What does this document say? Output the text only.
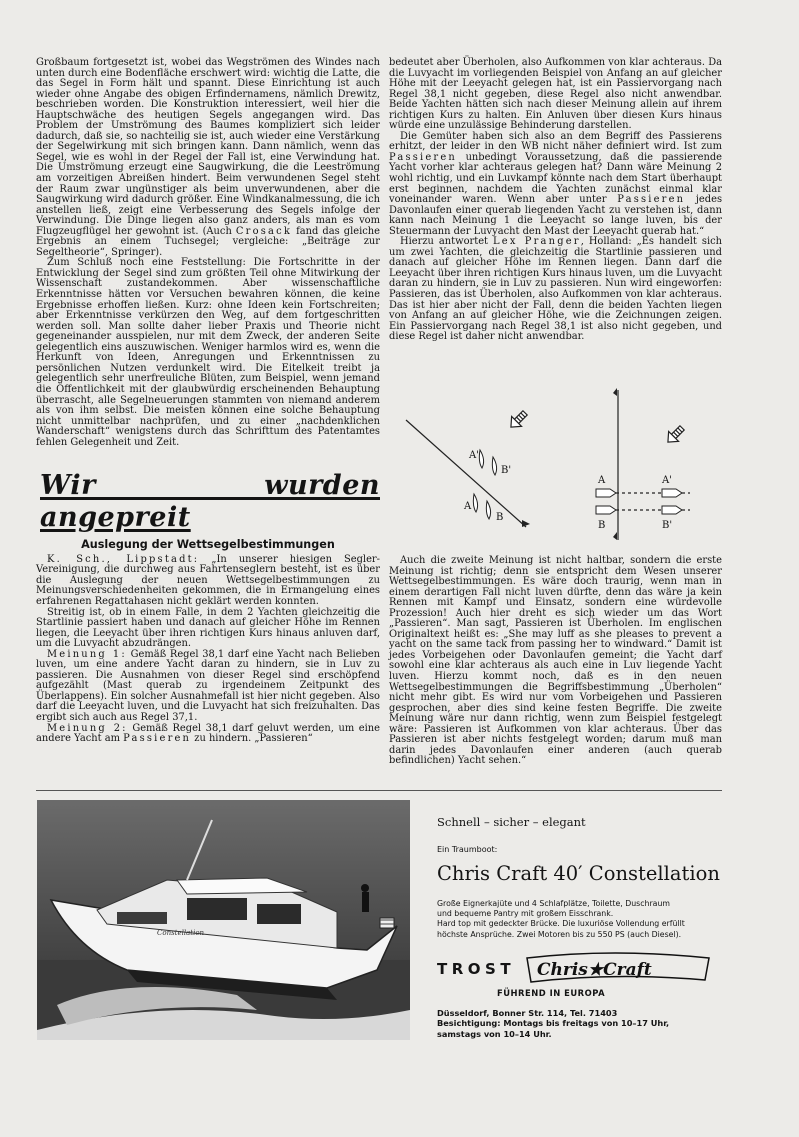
Großbaum fortgesetzt ist, wobei das Wegströmen des Windes nach unten durch eine Bodenfläche erschwert wird: wichtig die Latte, die das Segel in Form hält und spannt. Diese Einrichtung ist auch wieder ohne Angabe des obigen Erfindernamens, nämlich Drewitz, beschrieben worden. Die Konstruktion interessiert, weil hier die Hauptschwäche des heutigen Segels angegangen wird. Das Problem der Umströmung des Baumes kompliziert sich leider dadurch, daß sie, so nachteilig sie ist, auch wieder eine Verstärkung der Segelwirkung mit sich bringen kann. Dann nämlich, wenn das Segel, wie es wohl in der Regel der Fall ist, eine Verwindung hat. Die Umströmung erzeugt eine Saugwirkung, die die Leeströmung am vorzeitigen Abreißen hindert. Beim verwundenen Segel steht der Raum zwar ungünstiger als beim unverwundenen, aber die Saugwirkung wird dadurch größer. Eine Windkanalmessung, die ich anstellen ließ, zeigt eine Verbesserung des Segels infolge der Verwindung. Die Dinge liegen also ganz anders, als man es vom Flugzeugflügel her gewohnt ist. (Auch Crosack fand das gleiche Ergebnis an einem Tuchsegel; vergleiche: „Beiträge zur Segeltheorie“, Springer).

Zum Schluß noch eine Feststellung: Die Fortschritte in der Entwicklung der Segel sind zum größten Teil ohne Mitwirkung der Wissenschaft zustandekommen. Aber wissenschaftliche Erkenntnisse hätten vor Versuchen bewahren können, die keine Ergebnisse erhoffen ließen. Kurz: ohne Ideen kein Fortschreiten; aber Erkenntnisse verkürzen den Weg, auf dem fortgeschritten werden soll. Man sollte daher lieber Praxis und Theorie nicht gegeneinander ausspielen, nur mit dem Zweck, der anderen Seite gelegentlich eins auszuwischen. Weniger harmlos wird es, wenn die Herkunft von Ideen, Anregungen und Erkenntnissen zu persönlichen Nutzen verdunkelt wird. Die Eitelkeit treibt ja gelegentlich sehr unerfreuliche Blüten, zum Beispiel, wenn jemand die Öffentlichkeit mit der glaubwürdig erscheinenden Behauptung überrascht, alle Segelneuerungen stammten von niemand anderem als von ihm selbst. Die meisten können eine solche Behauptung nicht unmittelbar nachprüfen, und zu einer „nachdenklichen Wanderschaft“ wenigstens durch das Schrifttum des Patentamtes fehlen Gelegenheit und Zeit.

Wir wurden angepreit
Auslegung der Wettsegelbestimmungen

K. Sch., Lippstadt: „In unserer hiesigen Segler-Vereinigung, die durchweg aus Fahrtenseglern besteht, ist es über die Auslegung der neuen Wettsegelbestimmungen zu Meinungsverschiedenheiten gekommen, die in Ermangelung eines erfahrenen Regattahasen nicht geklärt werden konnten.

Streitig ist, ob in einem Falle, in dem 2 Yachten gleichzeitig die Startlinie passiert haben und danach auf gleicher Höhe im Rennen liegen, die Leeyacht über ihren richtigen Kurs hinaus anluven darf, um die Luvyacht abzudrängen.

Meinung 1: Gemäß Regel 38,1 darf eine Yacht nach Belieben luven, um eine andere Yacht daran zu hindern, sie in Luv zu passieren. Die Ausnahmen von dieser Regel sind erschöpfend aufgezählt (Mast querab zu irgendeinem Zeitpunkt des Überlappens). Ein solcher Ausnahmefall ist hier nicht gegeben. Also darf die Leeyacht luven, und die Luvyacht hat sich freizuhalten. Das ergibt sich auch aus Regel 37,1.

Meinung 2: Gemäß Regel 38,1 darf geluvt werden, um eine andere Yacht am Passieren zu hindern. „Passieren“

bedeutet aber Überholen, also Aufkommen von klar achteraus. Da die Luvyacht im vorliegenden Beispiel von Anfang an auf gleicher Höhe mit der Leeyacht gelegen hat, ist ein Passiervorgang nach Regel 38,1 nicht gegeben, diese Regel also nicht anwendbar. Beide Yachten hätten sich nach dieser Meinung allein auf ihrem richtigen Kurs zu halten. Ein Anluven über diesen Kurs hinaus würde eine unzulässige Behinderung darstellen.

Die Gemüter haben sich also an dem Begriff des Passierens erhitzt, der leider in den WB nicht näher definiert wird. Ist zum Passieren unbedingt Voraussetzung, daß die passierende Yacht vorher klar achteraus gelegen hat? Dann wäre Meinung 2 wohl richtig, und ein Luvkampf könnte nach dem Start überhaupt erst beginnen, nachdem die Yachten zunächst einmal klar voneinander waren. Wenn aber unter Passieren jedes Davonlaufen einer querab liegenden Yacht zu verstehen ist, dann kann nach Meinung 1 die Leeyacht so lange luven, bis der Steuermann der Luvyacht den Mast der Leeyacht querab hat.“

Hierzu antwortet Lex Pranger, Holland: „Es handelt sich um zwei Yachten, die gleichzeitig die Startlinie passieren und danach auf gleicher Höhe im Rennen liegen. Dann darf die Leeyacht über ihren richtigen Kurs hinaus luven, um die Luvyacht daran zu hindern, sie in Luv zu passieren. Nun wird eingeworfen: Passieren, das ist Überholen, also Aufkommen von klar achteraus. Das ist hier aber nicht der Fall, denn die beiden Yachten liegen von Anfang an auf gleicher Höhe, wie die Zeichnungen zeigen. Ein Passiervorgang nach Regel 38,1 ist also nicht gegeben, und diese Regel ist daher nicht anwendbar.

A'
B'
A
B
A	A'
B	B'

Auch die zweite Meinung ist nicht haltbar, sondern die erste Meinung ist richtig; denn sie entspricht dem Wesen unserer Wettsegelbestimmungen. Es wäre doch traurig, wenn man in einem derartigen Fall nicht luven dürfte, denn das wäre ja kein Rennen mit Kampf und Einsatz, sondern eine würdevolle Prozession! Auch hier dreht es sich wieder um das Wort „Passieren“. Man sagt, Passieren ist Überholen. Im englischen Originaltext heißt es: „She may luff as she pleases to prevent a yacht on the same tack from passing her to windward.“ Damit ist jedes Vorbeigehen oder Davonlaufen gemeint; die Yacht darf sowohl eine klar achteraus als auch eine in Luv liegende Yacht luven. Hierzu kommt noch, daß es in den neuen Wettsegelbestimmungen die Begriffsbestimmung „Überholen“ nicht mehr gibt. Es wird nur vom Vorbeigehen und Passieren gesprochen, aber dies sind keine festen Begriffe. Die zweite Meinung wäre nur dann richtig, wenn zum Beispiel festgelegt wäre: Passieren ist Aufkommen von klar achteraus. Über das Passieren ist aber nichts festgelegt worden; darum muß man darin jedes Davonlaufen einer anderen (auch querab befindlichen) Yacht sehen.“

Constellation
Schnell – sicher – elegant
Ein Traumboot:
Chris Craft 40′ Constellation
Große Eignerkajüte und 4 Schlafplätze, Toilette, Duschraum
und bequeme Pantry mit großem Eisschrank.
Hard top mit gedeckter Brücke. Die luxuriöse Vollendung erfüllt
höchste Ansprüche. Zwei Motoren bis zu 550 PS (auch Diesel).
TROST Chris★Craft
FÜHREND IN EUROPA
Düsseldorf, Bonner Str. 114, Tel. 71403
Besichtigung: Montags bis freitags von 10–17 Uhr,
samstags von 10–14 Uhr.
